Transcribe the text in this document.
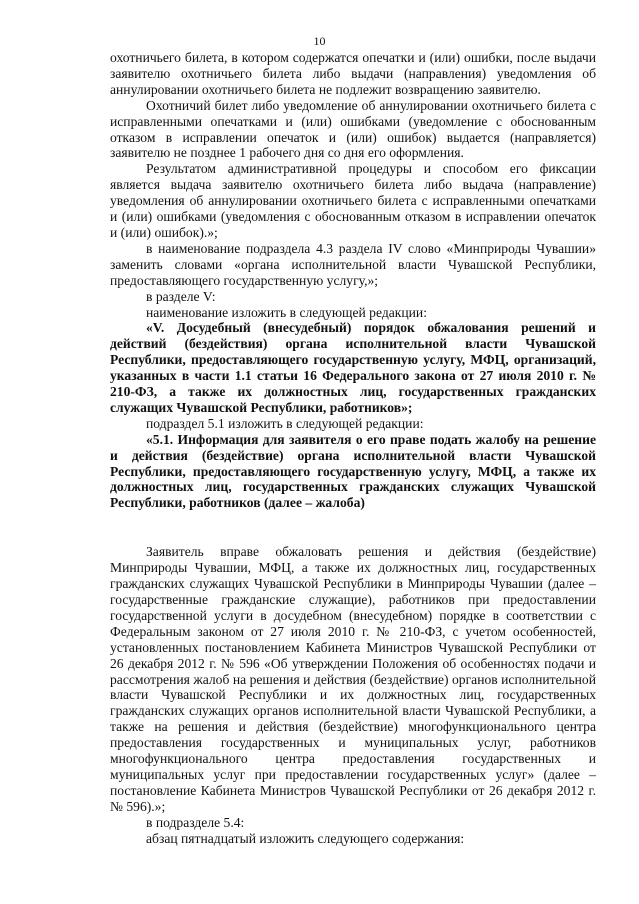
10

охотничьего билета, в котором содержатся опечатки и (или) ошибки, после выдачи заявителю охотничьего билета либо выдачи (направления) уведомления об аннулировании охотничьего билета не подлежит возвращению заявителю.

Охотничий билет либо уведомление об аннулировании охотничьего билета с исправленными опечатками и (или) ошибками (уведомление с обоснованным отказом в исправлении опечаток и (или) ошибок) выдается (направляется) заявителю не позднее 1 рабочего дня со дня его оформления.

Результатом административной процедуры и способом его фиксации является выдача заявителю охотничьего билета либо выдача (направление) уведомления об аннулировании охотничьего билета с исправленными опечатками и (или) ошибками (уведомления с обоснованным отказом в исправлении опечаток и (или) ошибок).»;

в наименование подраздела 4.3 раздела IV слово «Минприроды Чувашии» заменить словами «органа исполнительной власти Чувашской Республики, предоставляющего государственную услугу,»;

в разделе V:

наименование изложить в следующей редакции:

«V. Досудебный (внесудебный) порядок обжалования решений и действий (бездействия) органа исполнительной власти Чувашской Республики, предоставляющего государственную услугу, МФЦ, организаций, указанных в части 1.1 статьи 16 Федерального закона от 27 июля 2010 г. № 210-ФЗ, а также их должностных лиц, государственных гражданских служащих Чувашской Республики, работников»;

подраздел 5.1 изложить в следующей редакции:

«5.1. Информация для заявителя о его праве подать жалобу на решение и действия (бездействие) органа исполнительной власти Чувашской Республики, предоставляющего государственную услугу, МФЦ, а также их должностных лиц, государственных гражданских служащих Чувашской Республики, работников (далее – жалоба)

Заявитель вправе обжаловать решения и действия (бездействие) Минприроды Чувашии, МФЦ, а также их должностных лиц, государственных гражданских служащих Чувашской Республики в Минприроды Чувашии (далее – государственные гражданские служащие), работников при предоставлении государственной услуги в досудебном (внесудебном) порядке в соответствии с Федеральным законом от 27 июля 2010 г. № 210-ФЗ, с учетом особенностей, установленных постановлением Кабинета Министров Чувашской Республики от 26 декабря 2012 г. № 596 «Об утверждении Положения об особенностях подачи и рассмотрения жалоб на решения и действия (бездействие) органов исполнительной власти Чувашской Республики и их должностных лиц, государственных гражданских служащих органов исполнительной власти Чувашской Республики, а также на решения и действия (бездействие) многофункционального центра предоставления государственных и муниципальных услуг, работников многофункционального центра предоставления государственных и муниципальных услуг при предоставлении государственных услуг» (далее – постановление Кабинета Министров Чувашской Республики от 26 декабря 2012 г. № 596).»;

в подразделе 5.4:

абзац пятнадцатый изложить следующего содержания:
